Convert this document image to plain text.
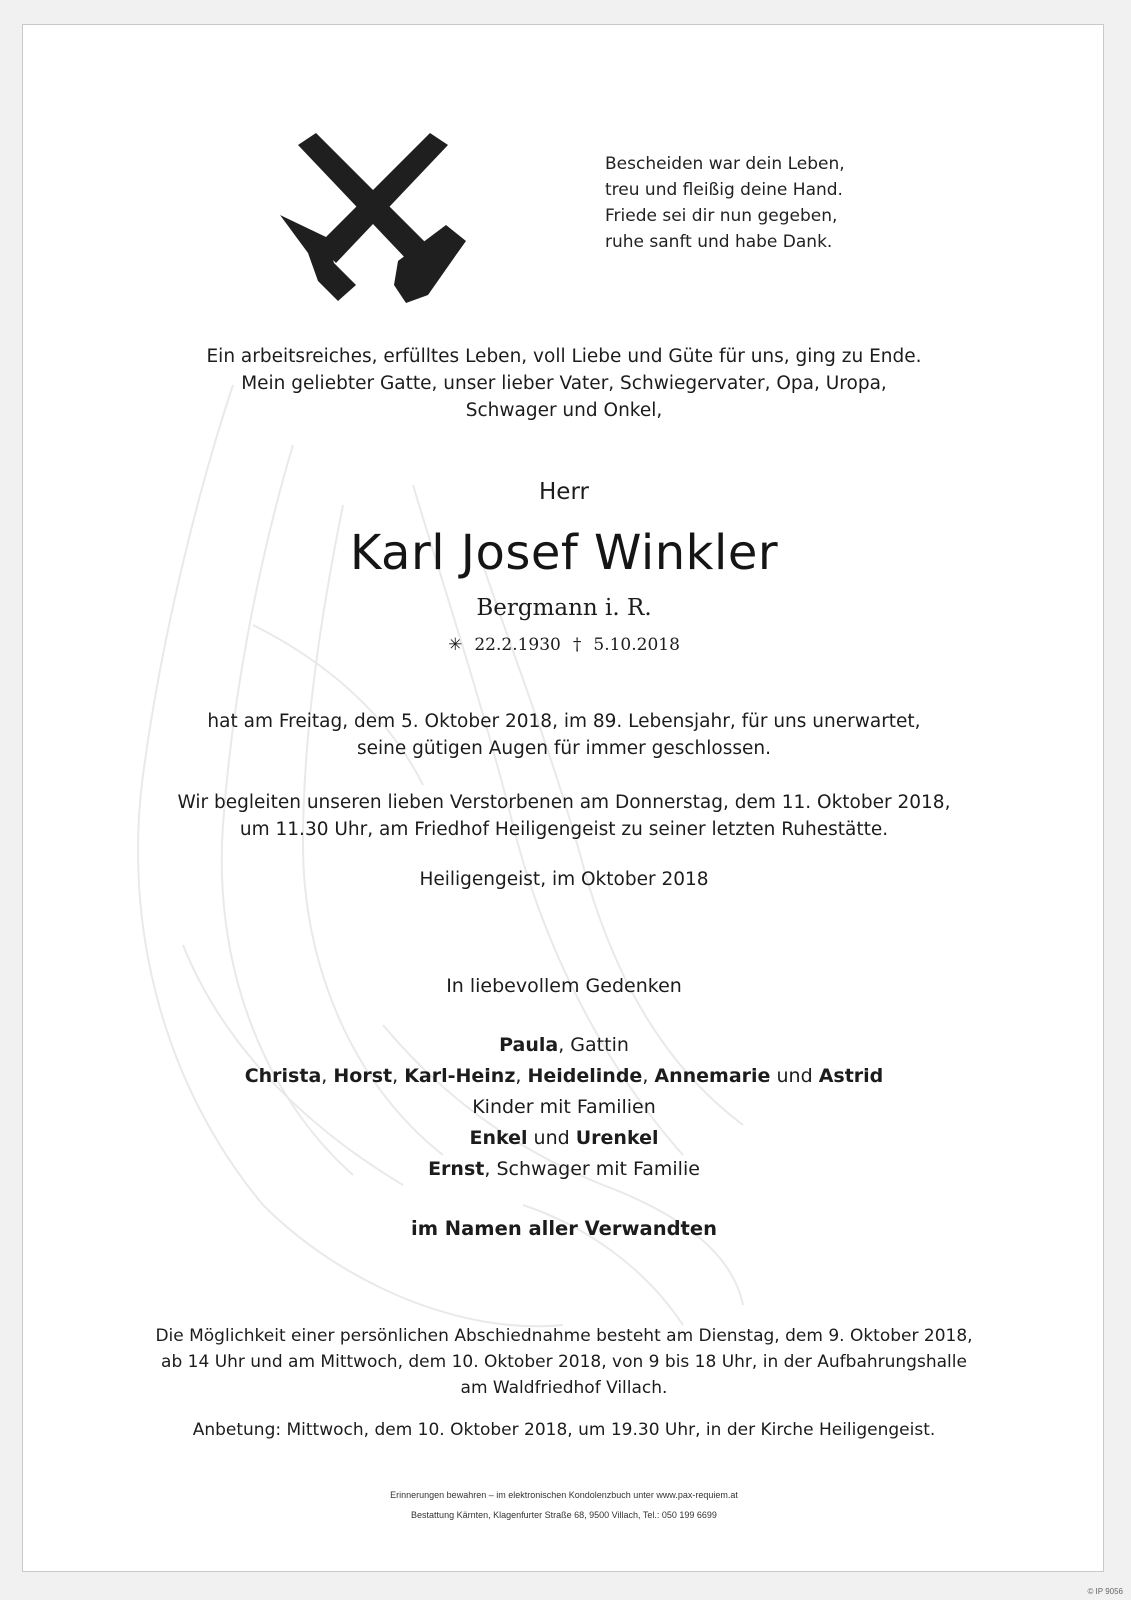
Bescheiden war dein Leben,
treu und fleißig deine Hand.
Friede sei dir nun gegeben,
ruhe sanft und habe Dank.
Ein arbeitsreiches, erfülltes Leben, voll Liebe und Güte für uns, ging zu Ende.
Mein geliebter Gatte, unser lieber Vater, Schwiegervater, Opa, Uropa,
Schwager und Onkel,
Herr
Karl Josef Winkler
Bergmann i. R.
✳ 22.2.1930 † 5.10.2018
hat am Freitag, dem 5. Oktober 2018, im 89. Lebensjahr, für uns unerwartet,
seine gütigen Augen für immer geschlossen.
Wir begleiten unseren lieben Verstorbenen am Donnerstag, dem 11. Oktober 2018,
um 11.30 Uhr, am Friedhof Heiligengeist zu seiner letzten Ruhestätte.
Heiligengeist, im Oktober 2018
In liebevollem Gedenken
Paula, Gattin
Christa, Horst, Karl-Heinz, Heidelinde, Annemarie und Astrid
Kinder mit Familien
Enkel und Urenkel
Ernst, Schwager mit Familie
im Namen aller Verwandten
Die Möglichkeit einer persönlichen Abschiednahme besteht am Dienstag, dem 9. Oktober 2018,
ab 14 Uhr und am Mittwoch, dem 10. Oktober 2018, von 9 bis 18 Uhr, in der Aufbahrungshalle
am Waldfriedhof Villach.
Anbetung: Mittwoch, dem 10. Oktober 2018, um 19.30 Uhr, in der Kirche Heiligengeist.
Erinnerungen bewahren – im elektronischen Kondolenzbuch unter www.pax-requiem.at
Bestattung Kärnten, Klagenfurter Straße 68, 9500 Villach, Tel.: 050 199 6699
© IP 9056
